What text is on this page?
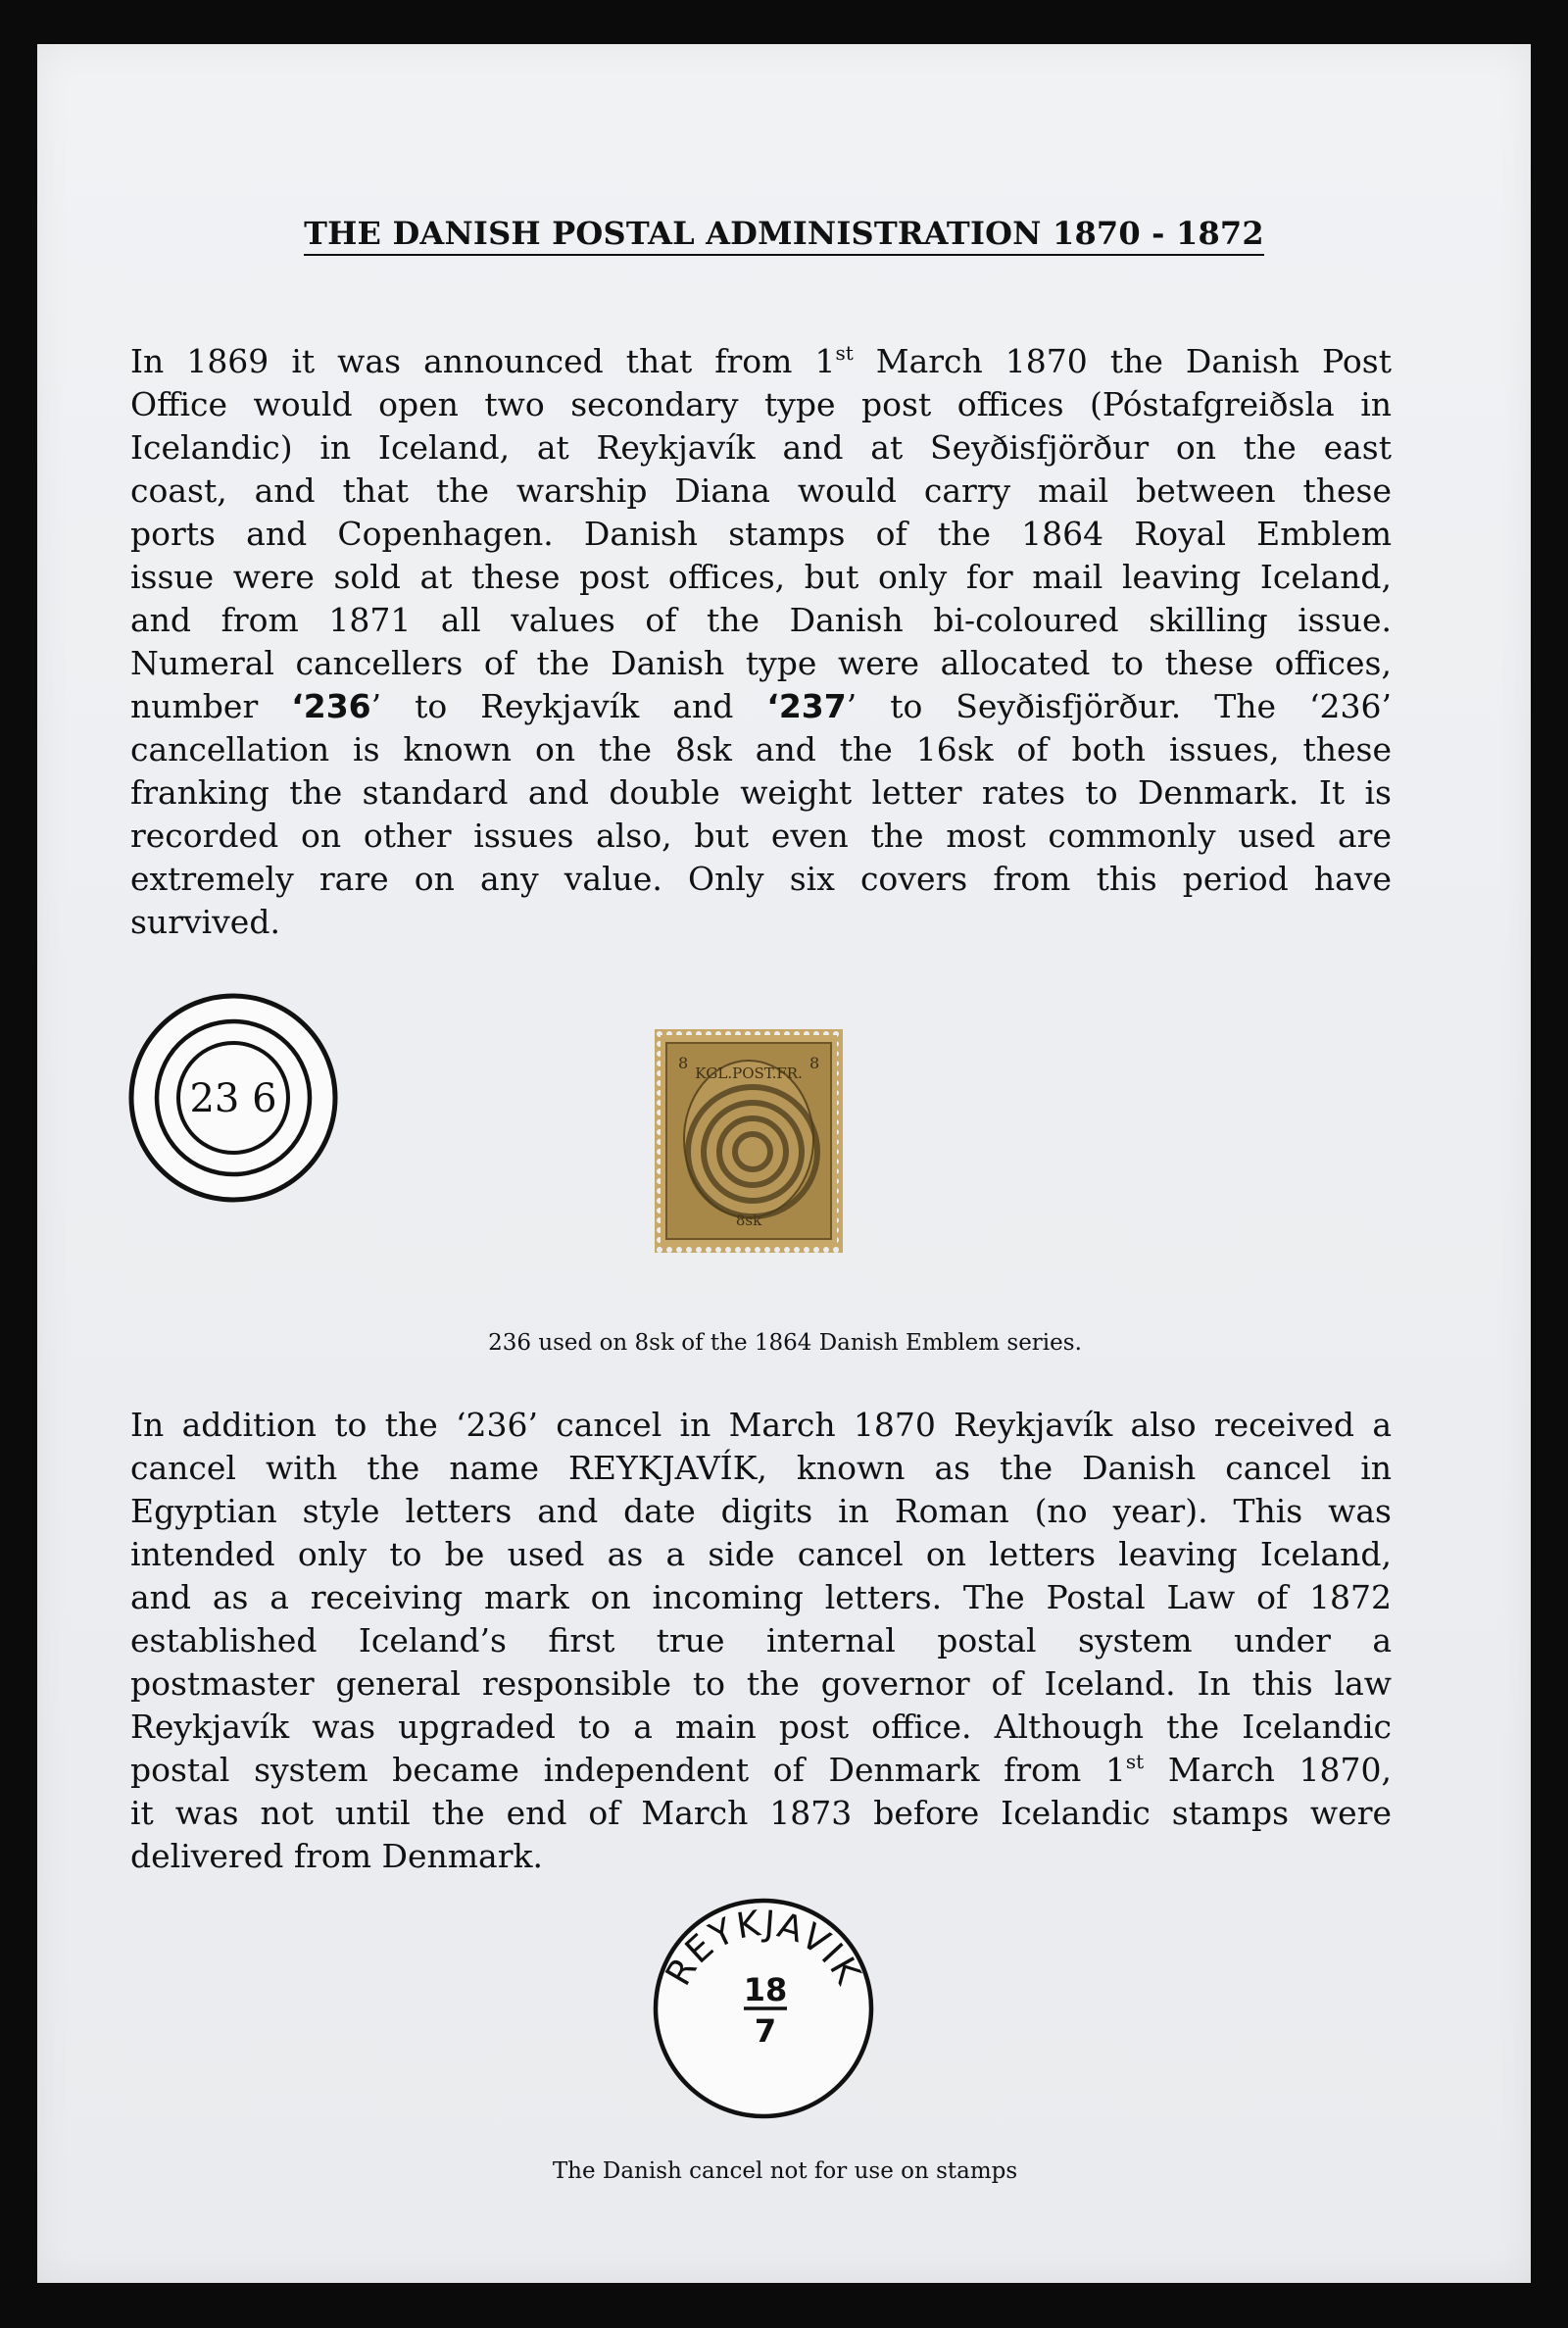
THE DANISH POSTAL ADMINISTRATION 1870 - 1872
In 1869 it was announced that from 1st March 1870 the Danish Post
Office would open two secondary type post offices (Póstafgreiðsla in
Icelandic) in Iceland, at Reykjavík and at Seyðisfjörður on the east
coast, and that the warship Diana would carry mail between these
ports and Copenhagen. Danish stamps of the 1864 Royal Emblem
issue were sold at these post offices, but only for mail leaving Iceland,
and from 1871 all values of the Danish bi-coloured skilling issue.
Numeral cancellers of the Danish type were allocated to these offices,
number ‘236’ to Reykjavík and ‘237’ to Seyðisfjörður. The ‘236’
cancellation is known on the 8sk and the 16sk of both issues, these
franking the standard and double weight letter rates to Denmark. It is
recorded on other issues also, but even the most commonly used are
extremely rare on any value. Only six covers from this period have
survived.
23 6
KGL.POST.FR.
8	8
8sk
236 used on 8sk of the 1864 Danish Emblem series.
In addition to the ‘236’ cancel in March 1870 Reykjavík also received a
cancel with the name REYKJAVÍK, known as the Danish cancel in
Egyptian style letters and date digits in Roman (no year). This was
intended only to be used as a side cancel on letters leaving Iceland,
and as a receiving mark on incoming letters. The Postal Law of 1872
established Iceland’s first true internal postal system under a
postmaster general responsible to the governor of Iceland. In this law
Reykjavík was upgraded to a main post office. Although the Icelandic
postal system became independent of Denmark from 1st March 1870,
it was not until the end of March 1873 before Icelandic stamps were
delivered from Denmark.
REYKJAVIK
18
7
The Danish cancel not for use on stamps
